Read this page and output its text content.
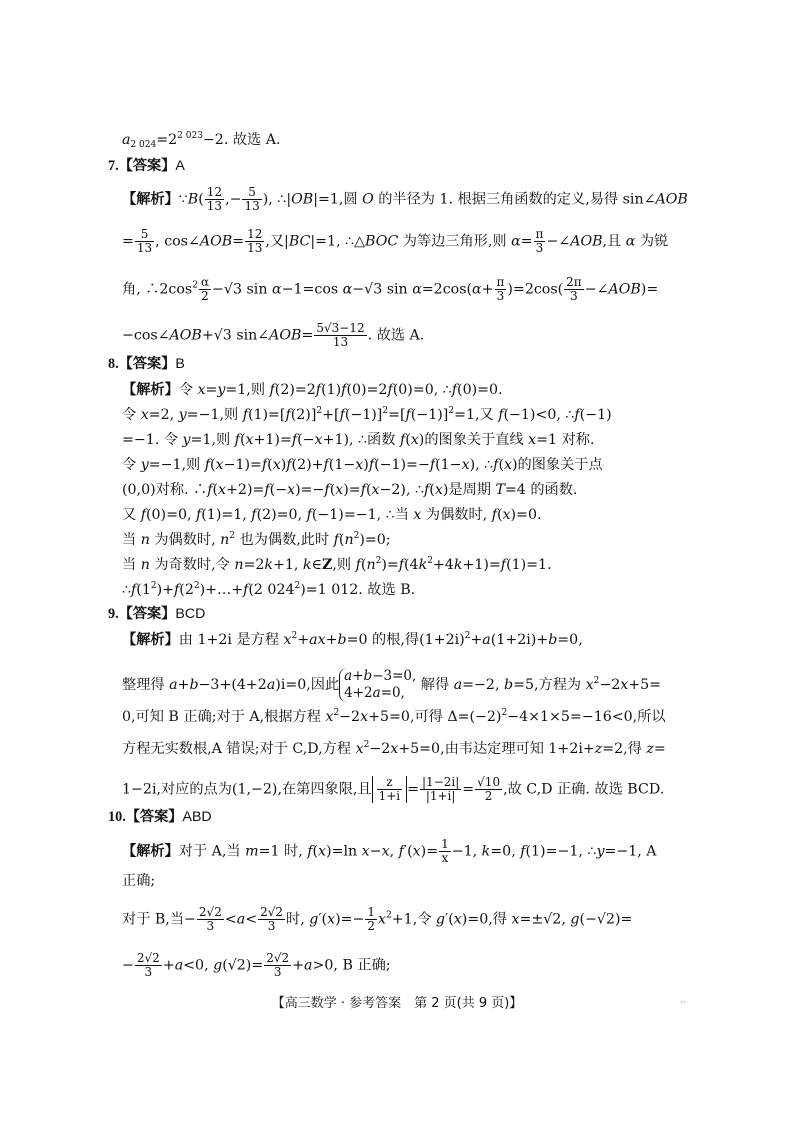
$a_{2 024}=2^{2 023}-2$. 故选 A.
7.【答案】A
【解析】∵B( $\frac{12}{13}$ ,− $\frac{5}{13}$ ), ∴|OB|=1,圆 O 的半径为 1. 根据三角函数的定义,易得 sin∠AOB
= $\frac{5}{13}$ , cos∠AOB= $\frac{12}{13}$ ,又|BC|=1, ∴△BOC 为等边三角形,则 $\alpha= \frac{\pi}{3}$ −∠AOB,且 α 为锐
角, $\therefore 2\cos^2 \frac{\alpha}{2} -√3$ sin α−1=cos α−√3 $\sin \alpha=2\cos(\alpha+ \frac{\pi}{3} )=2\cos( \frac{2\pi}{3}$ −∠AOB)=
−cos∠AOB+√3 sin∠AOB= $\frac{5√3-12}{13}$ . 故选 A.
8.【答案】B
【解析】令 x=y=1,则 f(2)=2f(1)f(0)=2f(0)=0, ∴f(0)=0.
令 x=2, y=−1,则 $f(1)=[f(2)]^2+[f(-1)]^2=[f(-1)]^2=1$,又 f(−1)<0, ∴f(−1)
=−1. 令 y=1,则 f(x+1)=f(−x+1), ∴函数 f(x)的图象关于直线 x=1 对称.
令 y=−1,则 f(x−1)=f(x)f(2)+f(1−x)f(−1)=−f(1−x), ∴f(x)的图象关于点
(0,0)对称. ∴f(x+2)=f(−x)=−f(x)=f(x−2), ∴f(x)是周期 T=4 的函数.
又 f(0)=0, f(1)=1, f(2)=0, f(−1)=−1, ∴当 x 为偶数时, f(x)=0.
当 n 为偶数时, $n^2$ 也为偶数,此时 $f(n^2)=0$;
当 n 为奇数时,令 n=2k+1, k∈Z,则 $f(n^2)=f(4k^2+4k+1)=f(1)=1$.
$\therefore f(1^2)+f(2^2)+\dots+f(2$ $024^2)=1$ 012. 故选 B.
9.【答案】BCD
【解析】由 1+2i 是方程 $x^2+ax+b=0$ 的根,得$(1+2i)^2+a(1+2i)+b=0$,
整理得 a+b−3+(4+2a)i=0,因此a+b−3=0,
4+2a=0, 解得 a=−2, b=5,方程为 $x^2-2x+5=$
0,可知 B 正确;对于 A,根据方程 $x^2-2x+5=0$,可得 $\Delta=(-2)^2-4\times 1\times 5=-16<0$,所以
方程无实数根,A 错误;对于 C,D,方程 $x^2-2x+5=0$,由韦达定理可知 1+2i+z=2,得 z=
1−2i,对应的点为(1,−2),在第四象限,且 $\frac{z}{1+i} = \frac{|1-2i|}{|1+i|} = \frac{√10}{2}$ ,故 C,D 正确. 故选 BCD.
10.【答案】ABD
【解析】对于 A,当 m=1 时, f(x)=ln x−x, $f'(x)= \frac{1}{x} -1$, k=0, f(1)=−1, ∴y=−1, A
正确;
对于 B,当− $\frac{2√2}{3} <a< \frac{2√2}{3}$ 时, $g'(x)=- \frac{1}{2} x^2+1$,令 g′(x)=0,得 x=±√2, g(−√2)=
− $\frac{2√2}{3} +a<0$, $g(√2)= \frac{2√2}{3} +a>0$, B 正确;
【高三数学 · 参考答案　第 2 页(共 9 页)】	··
